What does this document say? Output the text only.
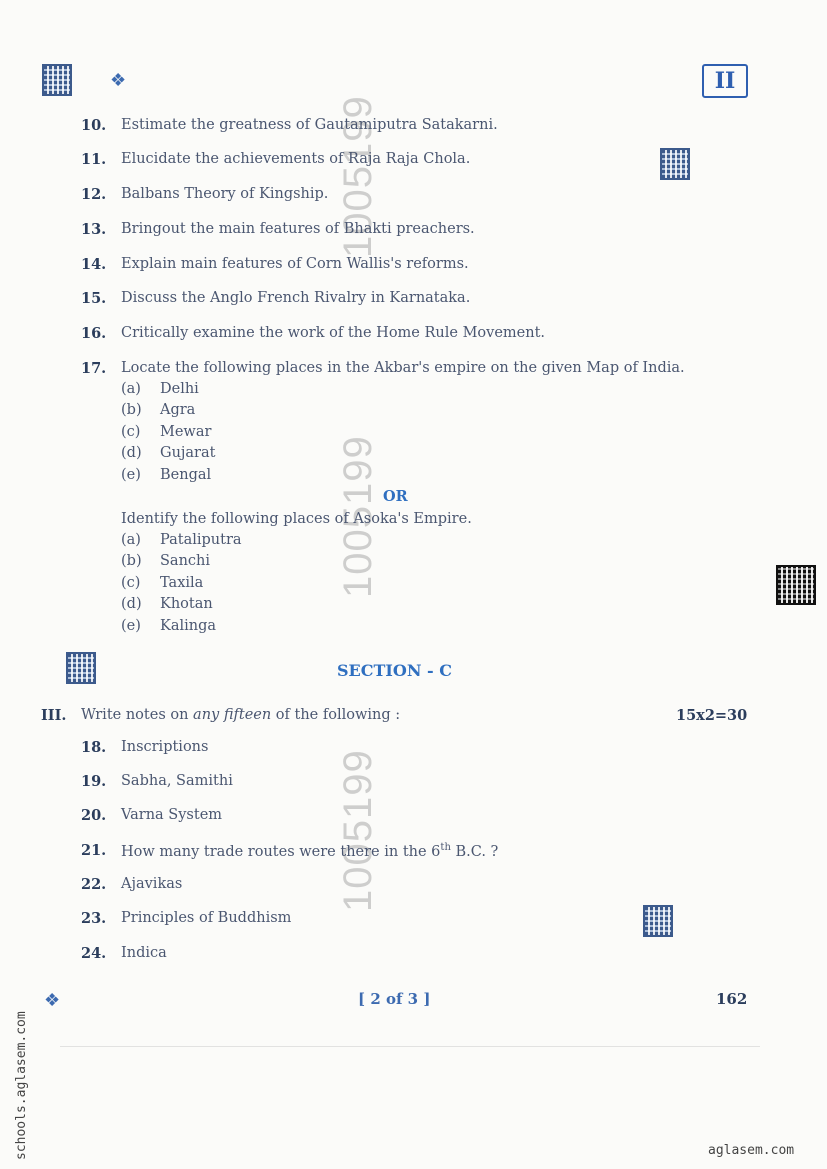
❖	II
1005199
1005199
1005199
10. Estimate the greatness of Gautamiputra Satakarni.
11. Elucidate the achievements of Raja Raja Chola.
12. Balbans Theory of Kingship.
13. Bringout the main features of Bhakti preachers.
14. Explain main features of Corn Wallis's reforms.
15. Discuss the Anglo French Rivalry in Karnataka.
16. Critically examine the work of the Home Rule Movement.
17. Locate the following places in the Akbar's empire on the given Map of India.
(a) Delhi
(b) Agra
(c) Mewar
(d) Gujarat
(e) Bengal
OR
Identify the following places of Asoka's Empire.
(a) Pataliputra
(b) Sanchi
(c) Taxila
(d) Khotan
(e) Kalinga
SECTION - C
III. Write notes on any fifteen of the following :	15x2=30
18. Inscriptions
19. Sabha, Samithi
20. Varna System
21. How many trade routes were there in the 6th B.C. ?
22. Ajavikas
23. Principles of Buddhism
24. Indica
❖	[ 2 of 3 ]	162
schools.aglasem.com	aglasem.com
